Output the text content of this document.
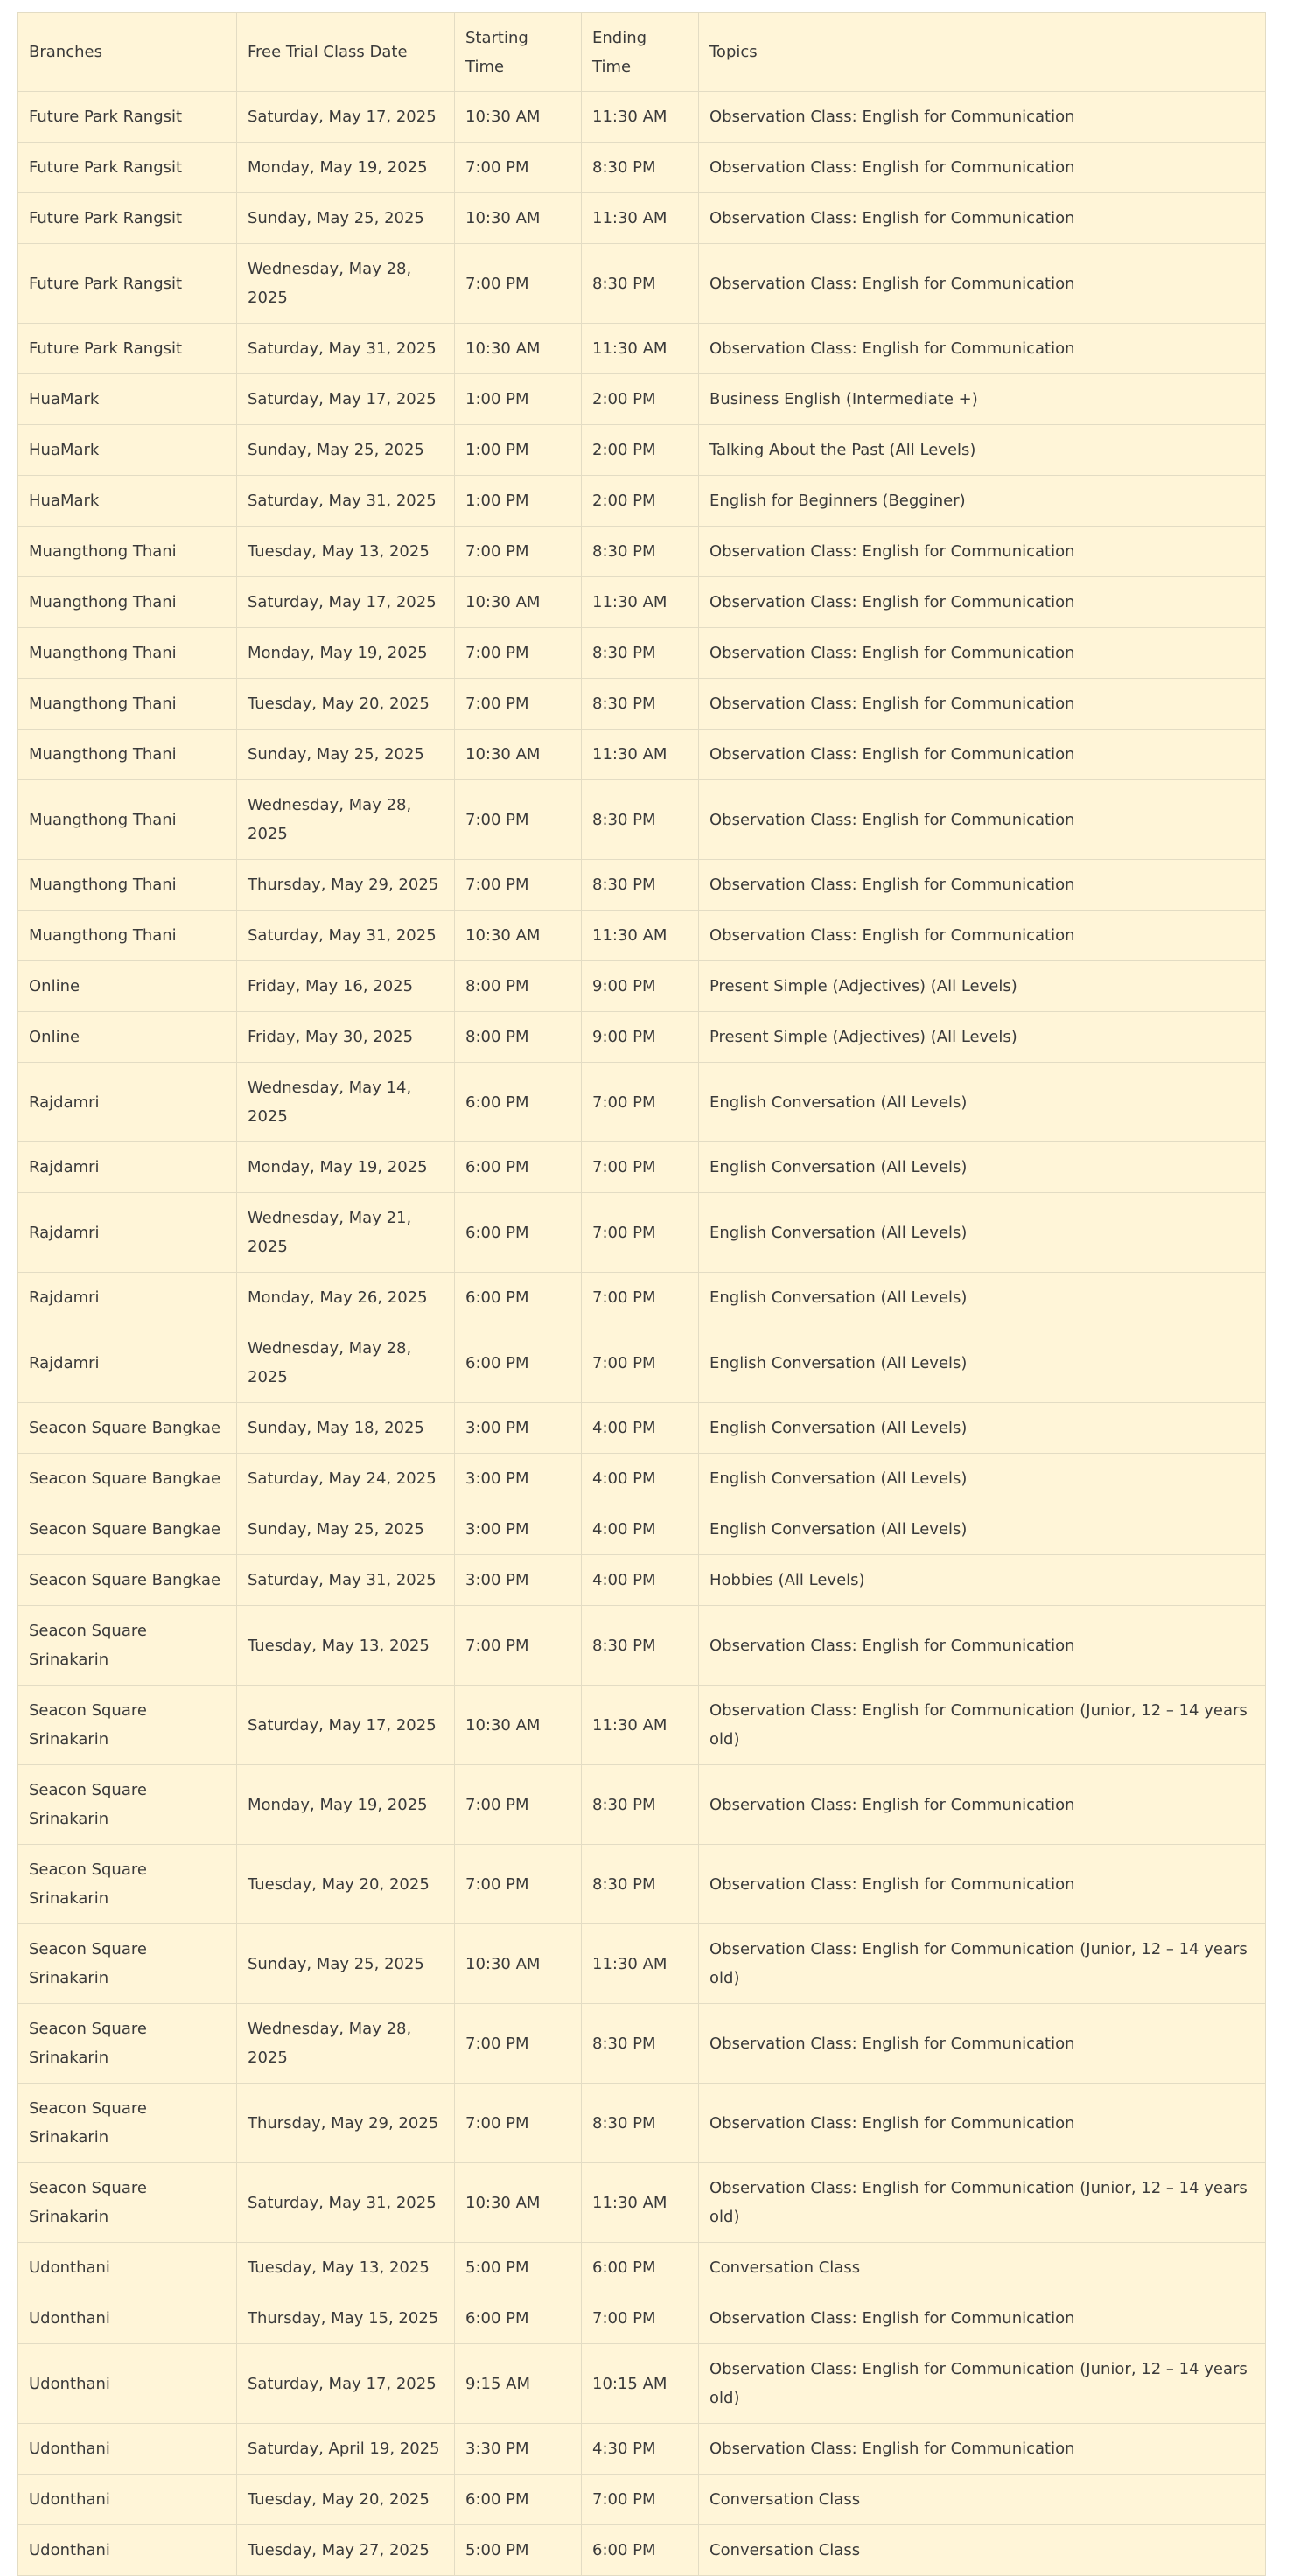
Branches	Free Trial Class Date	Starting Time	Ending Time	Topics
Future Park Rangsit	Saturday, May 17, 2025	10:30 AM	11:30 AM	Observation Class: English for Communication
Future Park Rangsit	Monday, May 19, 2025	7:00 PM	8:30 PM	Observation Class: English for Communication
Future Park Rangsit	Sunday, May 25, 2025	10:30 AM	11:30 AM	Observation Class: English for Communication
Future Park Rangsit	Wednesday, May 28, 2025	7:00 PM	8:30 PM	Observation Class: English for Communication
Future Park Rangsit	Saturday, May 31, 2025	10:30 AM	11:30 AM	Observation Class: English for Communication
HuaMark	Saturday, May 17, 2025	1:00 PM	2:00 PM	Business English (Intermediate +)
HuaMark	Sunday, May 25, 2025	1:00 PM	2:00 PM	Talking About the Past (All Levels)
HuaMark	Saturday, May 31, 2025	1:00 PM	2:00 PM	English for Beginners (Begginer)
Muangthong Thani	Tuesday, May 13, 2025	7:00 PM	8:30 PM	Observation Class: English for Communication
Muangthong Thani	Saturday, May 17, 2025	10:30 AM	11:30 AM	Observation Class: English for Communication
Muangthong Thani	Monday, May 19, 2025	7:00 PM	8:30 PM	Observation Class: English for Communication
Muangthong Thani	Tuesday, May 20, 2025	7:00 PM	8:30 PM	Observation Class: English for Communication
Muangthong Thani	Sunday, May 25, 2025	10:30 AM	11:30 AM	Observation Class: English for Communication
Muangthong Thani	Wednesday, May 28, 2025	7:00 PM	8:30 PM	Observation Class: English for Communication
Muangthong Thani	Thursday, May 29, 2025	7:00 PM	8:30 PM	Observation Class: English for Communication
Muangthong Thani	Saturday, May 31, 2025	10:30 AM	11:30 AM	Observation Class: English for Communication
Online	Friday, May 16, 2025	8:00 PM	9:00 PM	Present Simple (Adjectives) (All Levels)
Online	Friday, May 30, 2025	8:00 PM	9:00 PM	Present Simple (Adjectives) (All Levels)
Rajdamri	Wednesday, May 14, 2025	6:00 PM	7:00 PM	English Conversation (All Levels)
Rajdamri	Monday, May 19, 2025	6:00 PM	7:00 PM	English Conversation (All Levels)
Rajdamri	Wednesday, May 21, 2025	6:00 PM	7:00 PM	English Conversation (All Levels)
Rajdamri	Monday, May 26, 2025	6:00 PM	7:00 PM	English Conversation (All Levels)
Rajdamri	Wednesday, May 28, 2025	6:00 PM	7:00 PM	English Conversation (All Levels)
Seacon Square Bangkae	Sunday, May 18, 2025	3:00 PM	4:00 PM	English Conversation (All Levels)
Seacon Square Bangkae	Saturday, May 24, 2025	3:00 PM	4:00 PM	English Conversation (All Levels)
Seacon Square Bangkae	Sunday, May 25, 2025	3:00 PM	4:00 PM	English Conversation (All Levels)
Seacon Square Bangkae	Saturday, May 31, 2025	3:00 PM	4:00 PM	Hobbies (All Levels)
Seacon Square Srinakarin	Tuesday, May 13, 2025	7:00 PM	8:30 PM	Observation Class: English for Communication
Seacon Square Srinakarin	Saturday, May 17, 2025	10:30 AM	11:30 AM	Observation Class: English for Communication (Junior, 12 – 14 years old)
Seacon Square Srinakarin	Monday, May 19, 2025	7:00 PM	8:30 PM	Observation Class: English for Communication
Seacon Square Srinakarin	Tuesday, May 20, 2025	7:00 PM	8:30 PM	Observation Class: English for Communication
Seacon Square Srinakarin	Sunday, May 25, 2025	10:30 AM	11:30 AM	Observation Class: English for Communication (Junior, 12 – 14 years old)
Seacon Square Srinakarin	Wednesday, May 28, 2025	7:00 PM	8:30 PM	Observation Class: English for Communication
Seacon Square Srinakarin	Thursday, May 29, 2025	7:00 PM	8:30 PM	Observation Class: English for Communication
Seacon Square Srinakarin	Saturday, May 31, 2025	10:30 AM	11:30 AM	Observation Class: English for Communication (Junior, 12 – 14 years old)
Udonthani	Tuesday, May 13, 2025	5:00 PM	6:00 PM	Conversation Class
Udonthani	Thursday, May 15, 2025	6:00 PM	7:00 PM	Observation Class: English for Communication
Udonthani	Saturday, May 17, 2025	9:15 AM	10:15 AM	Observation Class: English for Communication (Junior, 12 – 14 years old)
Udonthani	Saturday, April 19, 2025	3:30 PM	4:30 PM	Observation Class: English for Communication
Udonthani	Tuesday, May 20, 2025	6:00 PM	7:00 PM	Conversation Class
Udonthani	Tuesday, May 27, 2025	5:00 PM	6:00 PM	Conversation Class
